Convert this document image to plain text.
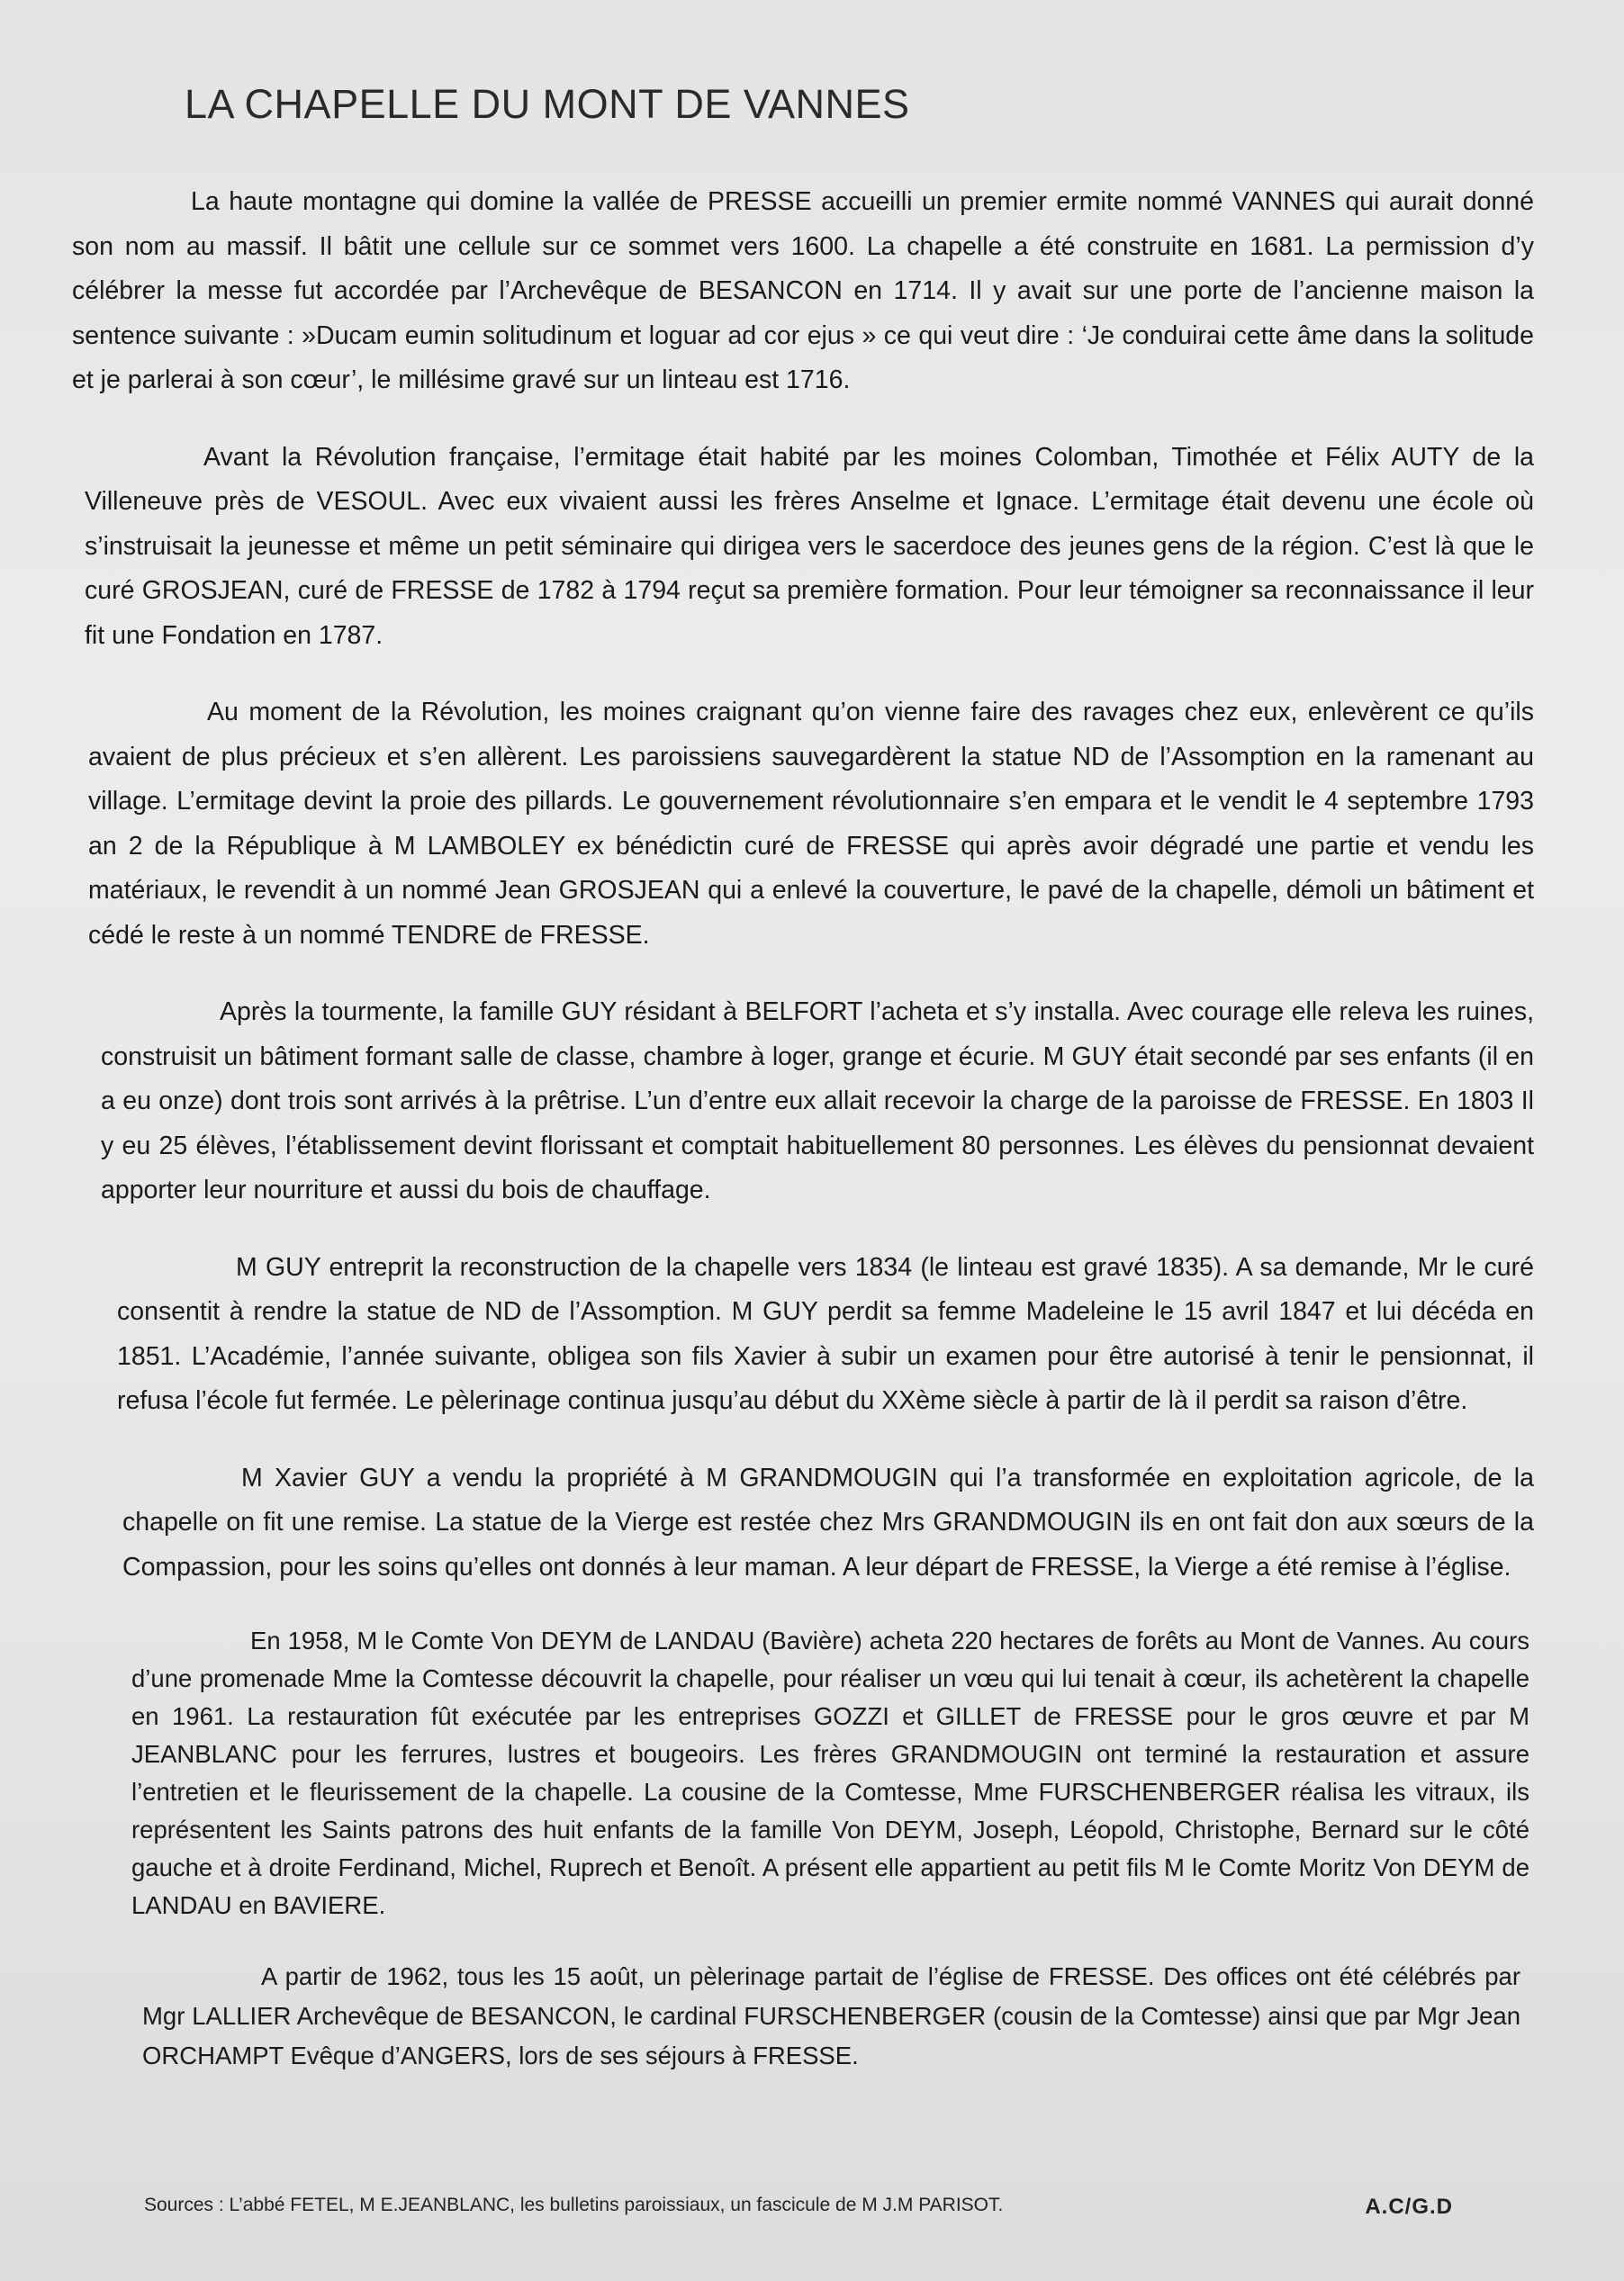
LA CHAPELLE DU MONT DE VANNES

La haute montagne qui domine la vallée de PRESSE accueilli un premier ermite nommé VANNES qui aurait donné son nom au massif. Il bâtit une cellule sur ce sommet vers 1600. La chapelle a été construite en 1681. La permission d’y célébrer la messe fut accordée par l’Archevêque de BESANCON en 1714. Il y avait sur une porte de l’ancienne maison la sentence suivante : »Ducam eumin solitudinum et loguar ad cor ejus » ce qui veut dire : ‘Je conduirai cette âme dans la solitude et je parlerai à son cœur’, le millésime gravé sur un linteau est 1716.

Avant la Révolution française, l’ermitage était habité par les moines Colomban, Timothée et Félix AUTY de la Villeneuve près de VESOUL. Avec eux vivaient aussi les frères Anselme et Ignace. L’ermitage était devenu une école où s’instruisait la jeunesse et même un petit séminaire qui dirigea vers le sacerdoce des jeunes gens de la région. C’est là que le curé GROSJEAN, curé de FRESSE de 1782 à 1794 reçut sa première formation. Pour leur témoigner sa reconnaissance il leur fit une Fondation en 1787.

Au moment de la Révolution, les moines craignant qu’on vienne faire des ravages chez eux, enlevèrent ce qu’ils avaient de plus précieux et s’en allèrent. Les paroissiens sauvegardèrent la statue ND de l’Assomption en la ramenant au village. L’ermitage devint la proie des pillards. Le gouvernement révolutionnaire s’en empara et le vendit le 4 septembre 1793 an 2 de la République à M LAMBOLEY ex bénédictin curé de FRESSE qui après avoir dégradé une partie et vendu les matériaux, le revendit à un nommé Jean GROSJEAN qui a enlevé la couverture, le pavé de la chapelle, démoli un bâtiment et cédé le reste à un nommé TENDRE de FRESSE.

Après la tourmente, la famille GUY résidant à BELFORT l’acheta et s’y installa. Avec courage elle releva les ruines, construisit un bâtiment formant salle de classe, chambre à loger, grange et écurie. M GUY était secondé par ses enfants (il en a eu onze) dont trois sont arrivés à la prêtrise. L’un d’entre eux allait recevoir la charge de la paroisse de FRESSE. En 1803 Il y eu 25 élèves, l’établissement devint florissant et comptait habituellement 80 personnes. Les élèves du pensionnat devaient apporter leur nourriture et aussi du bois de chauffage.

M GUY entreprit la reconstruction de la chapelle vers 1834 (le linteau est gravé 1835). A sa demande, Mr le curé consentit à rendre la statue de ND de l’Assomption. M GUY perdit sa femme Madeleine le 15 avril 1847 et lui décéda en 1851. L’Académie, l’année suivante, obligea son fils Xavier à subir un examen pour être autorisé à tenir le pensionnat, il refusa l’école fut fermée. Le pèlerinage continua jusqu’au début du XXème siècle à partir de là il perdit sa raison d’être.

M Xavier GUY a vendu la propriété à M GRANDMOUGIN qui l’a transformée en exploitation agricole, de la chapelle on fit une remise. La statue de la Vierge est restée chez Mrs GRANDMOUGIN ils en ont fait don aux sœurs de la Compassion, pour les soins qu’elles ont donnés à leur maman. A leur départ de FRESSE, la Vierge a été remise à l’église.

En 1958, M le Comte Von DEYM de LANDAU (Bavière) acheta 220 hectares de forêts au Mont de Vannes. Au cours d’une promenade Mme la Comtesse découvrit la chapelle, pour réaliser un vœu qui lui tenait à cœur, ils achetèrent la chapelle en 1961. La restauration fût exécutée par les entreprises GOZZI et GILLET de FRESSE pour le gros œuvre et par M JEANBLANC pour les ferrures, lustres et bougeoirs. Les frères GRANDMOUGIN ont terminé la restauration et assure l’entretien et le fleurissement de la chapelle. La cousine de la Comtesse, Mme FURSCHENBERGER réalisa les vitraux, ils représentent les Saints patrons des huit enfants de la famille Von DEYM, Joseph, Léopold, Christophe, Bernard sur le côté gauche et à droite Ferdinand, Michel, Ruprech et Benoît. A présent elle appartient au petit fils M le Comte Moritz Von DEYM de LANDAU en BAVIERE.

A partir de 1962, tous les 15 août, un pèlerinage partait de l’église de FRESSE. Des offices ont été célébrés par Mgr LALLIER Archevêque de BESANCON, le cardinal FURSCHENBERGER (cousin de la Comtesse) ainsi que par Mgr Jean ORCHAMPT Evêque d’ANGERS, lors de ses séjours à FRESSE.

Sources : L’abbé FETEL, M E.JEANBLANC, les bulletins paroissiaux, un fascicule de M J.M PARISOT.	A.C/G.D
